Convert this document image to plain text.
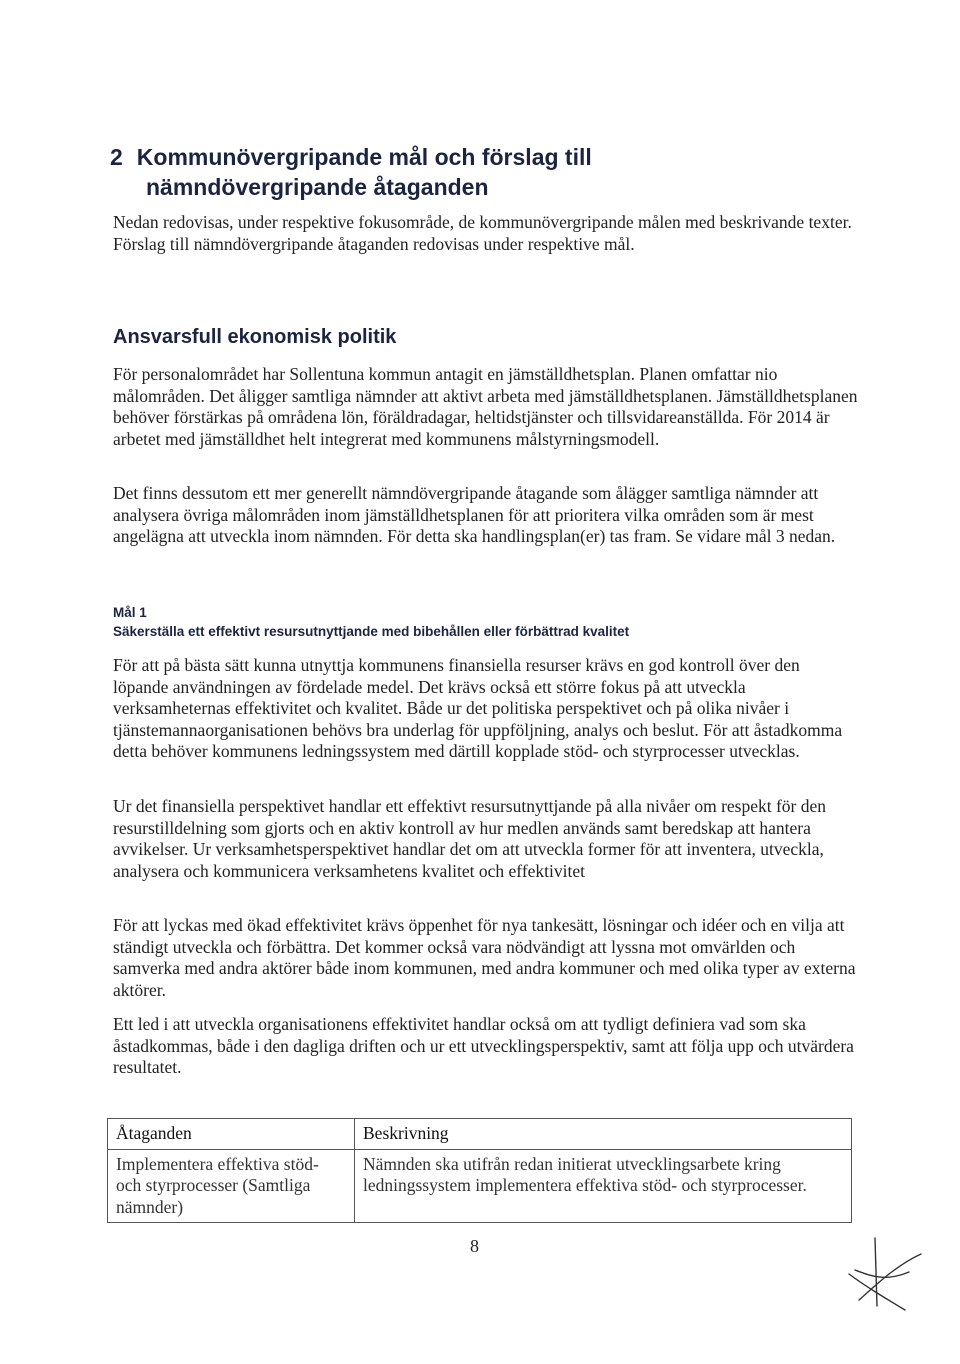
2 Kommunövergripande mål och förslag till
nämndövergripande åtaganden
Nedan redovisas, under respektive fokusområde, de kommunövergripande målen med beskrivande texter. Förslag till nämndövergripande åtaganden redovisas under respektive mål.
Ansvarsfull ekonomisk politik
För personalområdet har Sollentuna kommun antagit en jämställdhetsplan. Planen omfattar nio målområden. Det åligger samtliga nämnder att aktivt arbeta med jämställdhetsplanen. Jämställdhetsplanen behöver förstärkas på områdena lön, föräldradagar, heltidstjänster och tillsvidareanställda. För 2014 är arbetet med jämställdhet helt integrerat med kommunens målstyrningsmodell.
Det finns dessutom ett mer generellt nämndövergripande åtagande som ålägger samtliga nämnder att analysera övriga målområden inom jämställdhetsplanen för att prioritera vilka områden som är mest angelägna att utveckla inom nämnden. För detta ska handlingsplan(er) tas fram. Se vidare mål 3 nedan.
Mål 1
Säkerställa ett effektivt resursutnyttjande med bibehållen eller förbättrad kvalitet
För att på bästa sätt kunna utnyttja kommunens finansiella resurser krävs en god kontroll över den löpande användningen av fördelade medel. Det krävs också ett större fokus på att utveckla verksamheternas effektivitet och kvalitet. Både ur det politiska perspektivet och på olika nivåer i tjänstemannaorganisationen behövs bra underlag för uppföljning, analys och beslut. För att åstadkomma detta behöver kommunens ledningssystem med därtill kopplade stöd- och styrprocesser utvecklas.
Ur det finansiella perspektivet handlar ett effektivt resursutnyttjande på alla nivåer om respekt för den resurstilldelning som gjorts och en aktiv kontroll av hur medlen används samt beredskap att hantera avvikelser. Ur verksamhetsperspektivet handlar det om att utveckla former för att inventera, utveckla, analysera och kommunicera verksamhetens kvalitet och effektivitet
För att lyckas med ökad effektivitet krävs öppenhet för nya tankesätt, lösningar och idéer och en vilja att ständigt utveckla och förbättra. Det kommer också vara nödvändigt att lyssna mot omvärlden och samverka med andra aktörer både inom kommunen, med andra kommuner och med olika typer av externa aktörer.
Ett led i att utveckla organisationens effektivitet handlar också om att tydligt definiera vad som ska åstadkommas, både i den dagliga driften och ur ett utvecklingsperspektiv, samt att följa upp och utvärdera resultatet.
Åtaganden	Beskrivning
Implementera effektiva stöd- och styrprocesser (Samtliga nämnder)	Nämnden ska utifrån redan initierat utvecklingsarbete kring ledningssystem implementera effektiva stöd- och styrprocesser.
8
